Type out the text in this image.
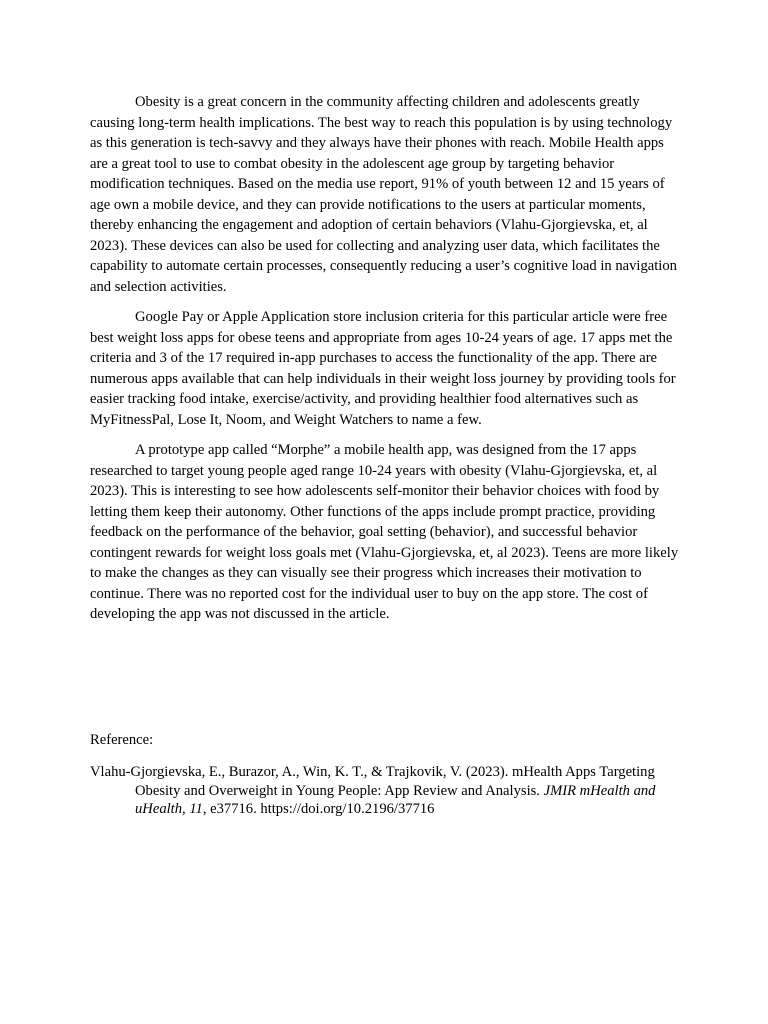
Obesity is a great concern in the community affecting children and adolescents greatly causing long-term health implications. The best way to reach this population is by using technology as this generation is tech-savvy and they always have their phones with reach. Mobile Health apps are a great tool to use to combat obesity in the adolescent age group by targeting behavior modification techniques. Based on the media use report, 91% of youth between 12 and 15 years of age own a mobile device, and they can provide notifications to the users at particular moments, thereby enhancing the engagement and adoption of certain behaviors (Vlahu-Gjorgievska, et, al 2023). These devices can also be used for collecting and analyzing user data, which facilitates the capability to automate certain processes, consequently reducing a user’s cognitive load in navigation and selection activities.

Google Pay or Apple Application store inclusion criteria for this particular article were free best weight loss apps for obese teens and appropriate from ages 10-24 years of age. 17 apps met the criteria and 3 of the 17 required in-app purchases to access the functionality of the app. There are numerous apps available that can help individuals in their weight loss journey by providing tools for easier tracking food intake, exercise/activity, and providing healthier food alternatives such as MyFitnessPal, Lose It, Noom, and Weight Watchers to name a few.

A prototype app called “Morphe” a mobile health app, was designed from the 17 apps researched to target young people aged range 10-24 years with obesity (Vlahu-Gjorgievska, et, al 2023). This is interesting to see how adolescents self-monitor their behavior choices with food by letting them keep their autonomy. Other functions of the apps include prompt practice, providing feedback on the performance of the behavior, goal setting (behavior), and successful behavior contingent rewards for weight loss goals met (Vlahu-Gjorgievska, et, al 2023). Teens are more likely to make the changes as they can visually see their progress which increases their motivation to continue. There was no reported cost for the individual user to buy on the app store. The cost of developing the app was not discussed in the article.

Reference:

Vlahu-Gjorgievska, E., Burazor, A., Win, K. T., & Trajkovik, V. (2023). mHealth Apps Targeting Obesity and Overweight in Young People: App Review and Analysis. JMIR mHealth and uHealth, 11, e37716. https://doi.org/10.2196/37716
